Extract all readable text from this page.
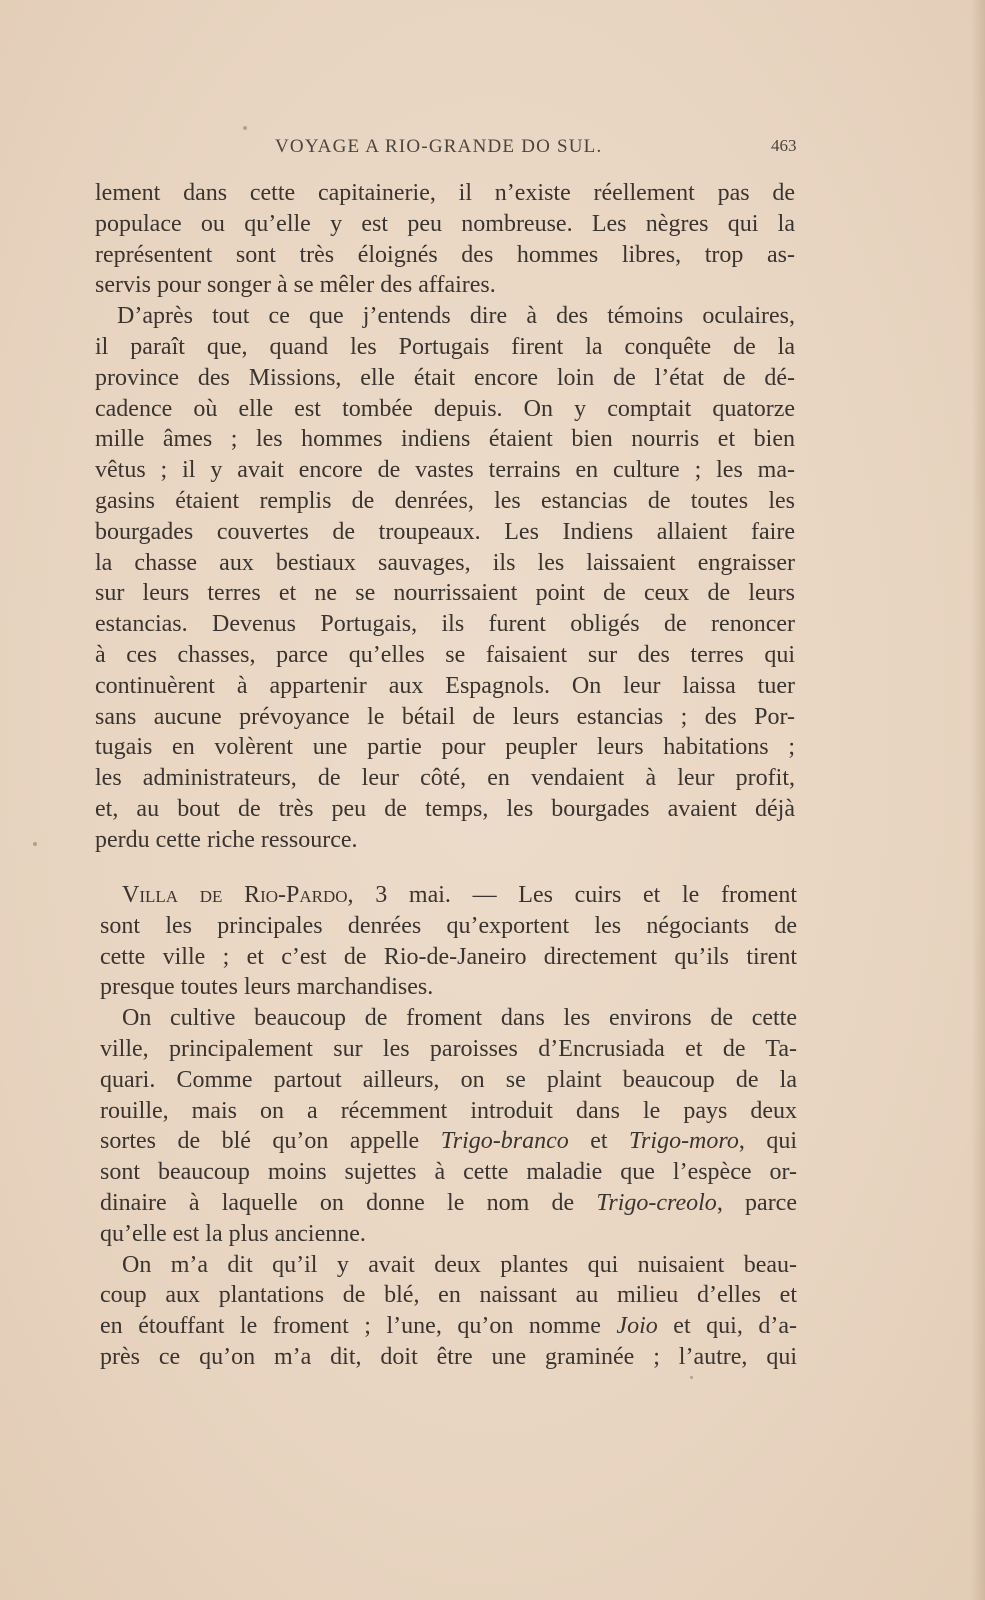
VOYAGE A RIO-GRANDE DO SUL.	463
lement dans cette capitainerie, il n’existe réellement pas de
populace ou qu’elle y est peu nombreuse. Les nègres qui la
représentent sont très éloignés des hommes libres, trop as-
servis pour songer à se mêler des affaires.
D’après tout ce que j’entends dire à des témoins oculaires,
il paraît que, quand les Portugais firent la conquête de la
province des Missions, elle était encore loin de l’état de dé-
cadence où elle est tombée depuis. On y comptait quatorze
mille âmes ; les hommes indiens étaient bien nourris et bien
vêtus ; il y avait encore de vastes terrains en culture ; les ma-
gasins étaient remplis de denrées, les estancias de toutes les
bourgades couvertes de troupeaux. Les Indiens allaient faire
la chasse aux bestiaux sauvages, ils les laissaient engraisser
sur leurs terres et ne se nourrissaient point de ceux de leurs
estancias. Devenus Portugais, ils furent obligés de renoncer
à ces chasses, parce qu’elles se faisaient sur des terres qui
continuèrent à appartenir aux Espagnols. On leur laissa tuer
sans aucune prévoyance le bétail de leurs estancias ; des Por-
tugais en volèrent une partie pour peupler leurs habitations ;
les administrateurs, de leur côté, en vendaient à leur profit,
et, au bout de très peu de temps, les bourgades avaient déjà
perdu cette riche ressource.
Villa de Rio-Pardo, 3 mai. — Les cuirs et le froment
sont les principales denrées qu’exportent les négociants de
cette ville ; et c’est de Rio-de-Janeiro directement qu’ils tirent
presque toutes leurs marchandises.
On cultive beaucoup de froment dans les environs de cette
ville, principalement sur les paroisses d’Encrusiada et de Ta-
quari. Comme partout ailleurs, on se plaint beaucoup de la
rouille, mais on a récemment introduit dans le pays deux
sortes de blé qu’on appelle Trigo-branco et Trigo-moro, qui
sont beaucoup moins sujettes à cette maladie que l’espèce or-
dinaire à laquelle on donne le nom de Trigo-creolo, parce
qu’elle est la plus ancienne.
On m’a dit qu’il y avait deux plantes qui nuisaient beau-
coup aux plantations de blé, en naissant au milieu d’elles et
en étouffant le froment ; l’une, qu’on nomme Joio et qui, d’a-
près ce qu’on m’a dit, doit être une graminée ; l’autre, qui
